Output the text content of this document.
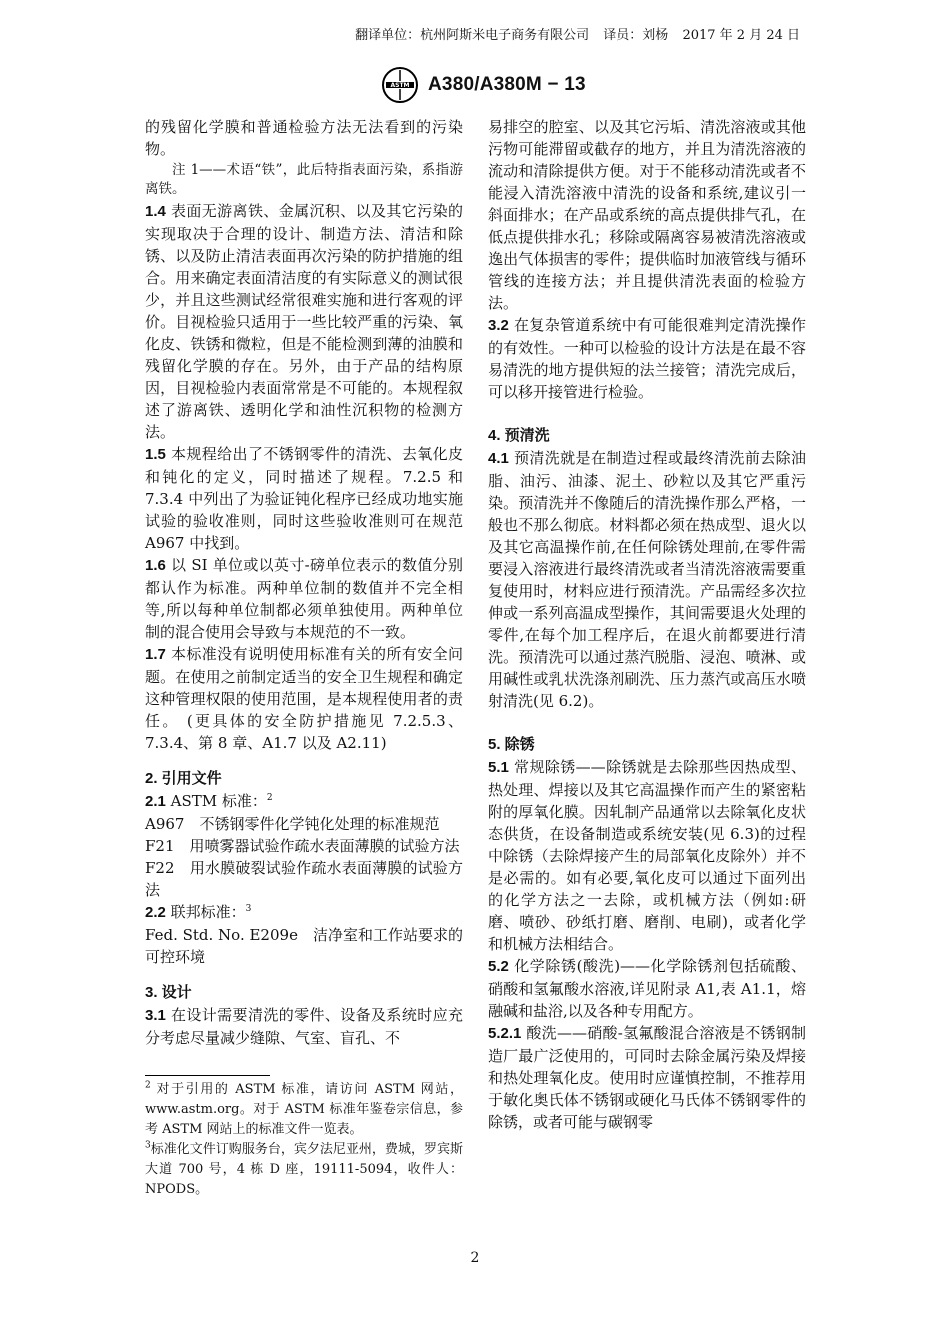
翻译单位：杭州阿斯米电子商务有限公司 译员：刘杨 2017 年 2 月 24 日
ASTM A380/A380M − 13

的残留化学膜和普通检验方法无法看到的污染物。

注 1——术语“铁”，此后特指表面污染，系指游离铁。

1.4 表面无游离铁、金属沉积、以及其它污染的实现取决于合理的设计、制造方法、清洁和除锈、以及防止清洁表面再次污染的防护措施的组合。用来确定表面清洁度的有实际意义的测试很少，并且这些测试经常很难实施和进行客观的评价。目视检验只适用于一些比较严重的污染、氧化皮、铁锈和微粒，但是不能检测到薄的油膜和残留化学膜的存在。另外，由于产品的结构原因，目视检验内表面常常是不可能的。本规程叙述了游离铁、透明化学和油性沉积物的检测方法。

1.5 本规程给出了不锈钢零件的清洗、去氧化皮和钝化的定义，同时描述了规程。7.2.5 和 7.3.4 中列出了为验证钝化程序已经成功地实施试验的验收准则，同时这些验收准则可在规范 A967 中找到。

1.6 以 SI 单位或以英寸-磅单位表示的数值分别都认作为标准。两种单位制的数值并不完全相等,所以每种单位制都必须单独使用。两种单位制的混合使用会导致与本规范的不一致。

1.7 本标准没有说明使用标准有关的所有安全问题。在使用之前制定适当的安全卫生规程和确定这种管理权限的使用范围，是本规程使用者的责任。 (更具体的安全防护措施见 7.2.5.3、7.3.4、第 8 章、A1.7 以及 A2.11)

2. 引用文件

2.1 ASTM 标准：$^2$

A967　不锈钢零件化学钝化处理的标准规范

F21　用喷雾器试验作疏水表面薄膜的试验方法

F22　用水膜破裂试验作疏水表面薄膜的试验方法

2.2 联邦标准：$^3$

Fed. Std. No. E209e　洁净室和工作站要求的可控环境

3. 设计

3.1 在设计需要清洗的零件、设备及系统时应充分考虑尽量减少缝隙、气室、盲孔、不

$^2$ 对于引用的 ASTM 标准，请访问 ASTM 网站，www.astm.org。对于 ASTM 标准年鉴卷宗信息，参考 ASTM 网站上的标准文件一览表。

$^3$标准化文件订购服务台，宾夕法尼亚州，费城，罗宾斯大道 700 号，4 栋 D 座，19111-5094，收件人：NPODS。

易排空的腔室、以及其它污垢、清洗溶液或其他污物可能滞留或截存的地方，并且为清洗溶液的流动和清除提供方便。对于不能移动清洗或者不能浸入清洗溶液中清洗的设备和系统,建议引一斜面排水；在产品或系统的高点提供排气孔，在低点提供排水孔；移除或隔离容易被清洗溶液或逸出气体损害的零件；提供临时加液管线与循环管线的连接方法；并且提供清洗表面的检验方法。

3.2 在复杂管道系统中有可能很难判定清洗操作的有效性。一种可以检验的设计方法是在最不容易清洗的地方提供短的法兰接管；清洗完成后，可以移开接管进行检验。

4. 预清洗

4.1 预清洗就是在制造过程或最终清洗前去除油脂、油污、油漆、泥土、砂粒以及其它严重污染。预清洗并不像随后的清洗操作那么严格，一般也不那么彻底。材料都必须在热成型、退火以及其它高温操作前,在任何除锈处理前,在零件需要浸入溶液进行最终清洗或者当清洗溶液需要重复使用时，材料应进行预清洗。产品需经多次拉伸或一系列高温成型操作，其间需要退火处理的零件,在每个加工程序后，在退火前都要进行清洗。预清洗可以通过蒸汽脱脂、浸泡、喷淋、或用碱性或乳状洗涤剂刷洗、压力蒸汽或高压水喷射清洗(见 6.2)。

5. 除锈

5.1 常规除锈——除锈就是去除那些因热成型、热处理、焊接以及其它高温操作而产生的紧密粘附的厚氧化膜。因轧制产品通常以去除氧化皮状态供货，在设备制造或系统安装(见 6.3)的过程中除锈（去除焊接产生的局部氧化皮除外）并不是必需的。如有必要,氧化皮可以通过下面列出的化学方法之一去除，或机械方法（例如:研磨、喷砂、砂纸打磨、磨削、电刷)，或者化学和机械方法相结合。

5.2 化学除锈(酸洗)——化学除锈剂包括硫酸、硝酸和氢氟酸水溶液,详见附录 A1,表 A1.1，熔融碱和盐浴,以及各种专用配方。

5.2.1 酸洗——硝酸-氢氟酸混合溶液是不锈钢制造厂最广泛使用的，可同时去除金属污染及焊接和热处理氧化皮。使用时应谨慎控制，不推荐用于敏化奥氏体不锈钢或硬化马氏体不锈钢零件的除锈，或者可能与碳钢零

2
